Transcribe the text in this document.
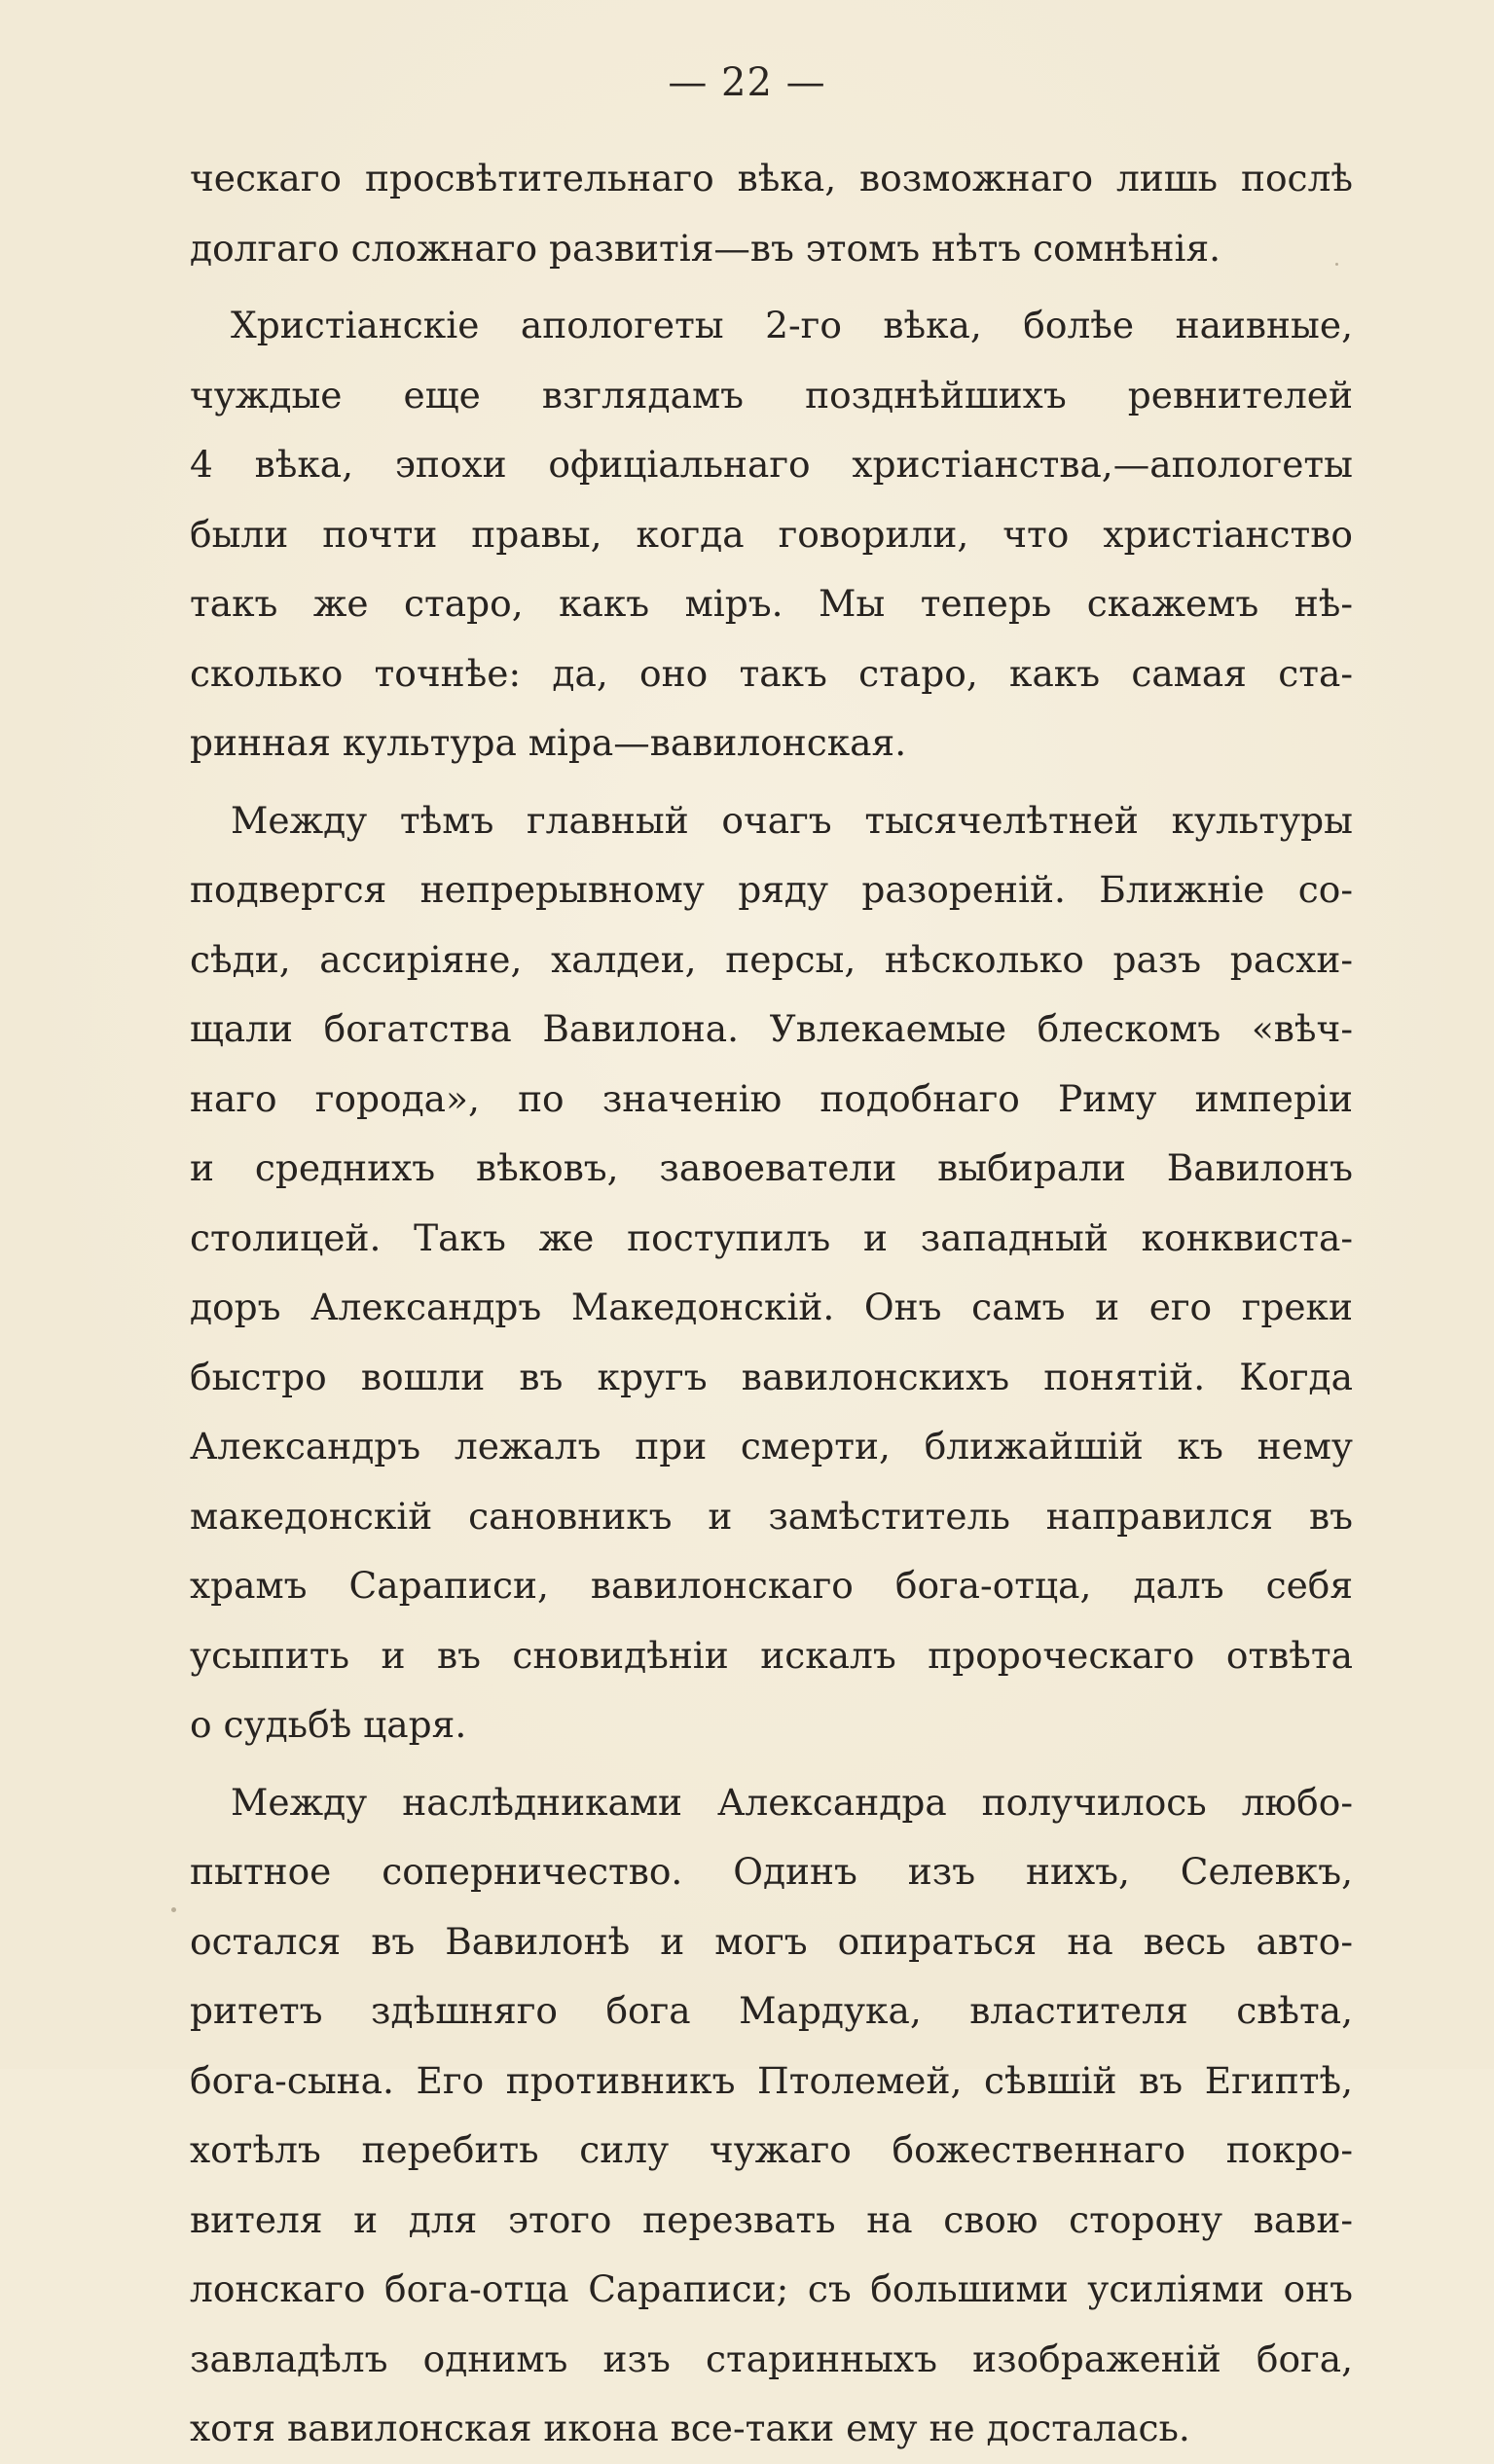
— 22 —
ческаго просвѣтительнаго вѣка, возможнаго лишь послѣ
долгаго сложнаго развитія—въ этомъ нѣтъ сомнѣнія.
Христіанскіе апологеты 2-го вѣка, болѣе наивные,
чуждые еще взглядамъ позднѣйшихъ ревнителей
4 вѣка, эпохи офиціальнаго христіанства,—апологеты
были почти правы, когда говорили, что христіанство
такъ же старо, какъ міръ. Мы теперь скажемъ нѣ-
сколько точнѣе: да, оно такъ старо, какъ самая ста-
ринная культура міра—вавилонская.
Между тѣмъ главный очагъ тысячелѣтней культуры
подвергся непрерывному ряду разореній. Ближніе со-
сѣди, ассиріяне, халдеи, персы, нѣсколько разъ расхи-
щали богатства Вавилона. Увлекаемые блескомъ «вѣч-
наго города», по значенію подобнаго Риму имперіи
и среднихъ вѣковъ, завоеватели выбирали Вавилонъ
столицей. Такъ же поступилъ и западный конквиста-
доръ Александръ Македонскій. Онъ самъ и его греки
быстро вошли въ кругъ вавилонскихъ понятій. Когда
Александръ лежалъ при смерти, ближайшій къ нему
македонскій сановникъ и замѣститель направился въ
храмъ Сараписи, вавилонскаго бога-отца, далъ себя
усыпить и въ сновидѣніи искалъ пророческаго отвѣта
о судьбѣ царя.
Между наслѣдниками Александра получилось любо-
пытное соперничество. Одинъ изъ нихъ, Селевкъ,
остался въ Вавилонѣ и могъ опираться на весь авто-
ритетъ здѣшняго бога Мардука, властителя свѣта,
бога-сына. Его противникъ Птолемей, сѣвшій въ Египтѣ,
хотѣлъ перебить силу чужаго божественнаго покро-
вителя и для этого перезвать на свою сторону вави-
лонскаго бога-отца Сараписи; съ большими усиліями онъ
завладѣлъ однимъ изъ старинныхъ изображеній бога,
хотя вавилонская икона все-таки ему не досталась.
